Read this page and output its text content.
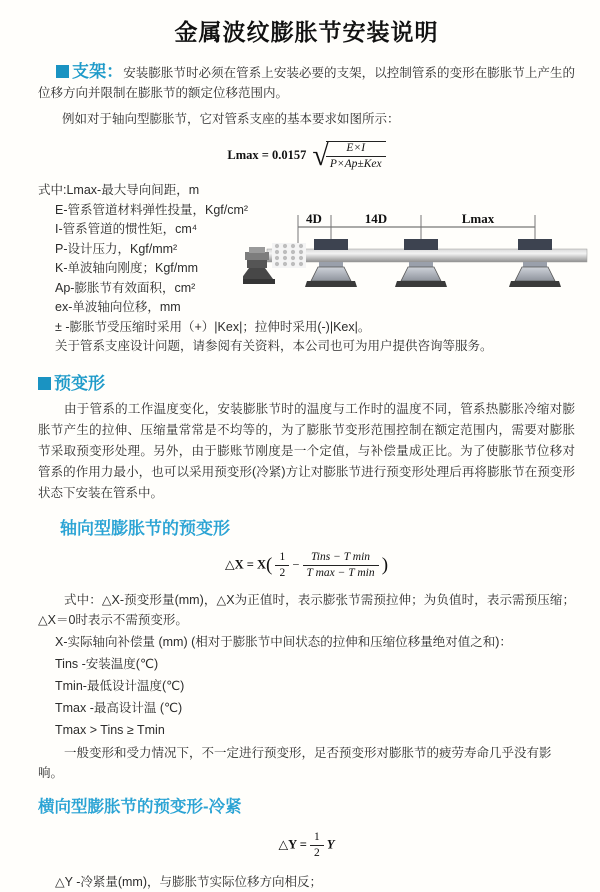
金属波纹膨胀节安装说明

支架：安装膨胀节时必须在管系上安装必要的支架，以控制管系的变形在膨胀节上产生的位移方向并限制在膨胀节的额定位移范围内。

例如对于轴向型膨胀节，它对管系支座的基本要求如图所示：

Lmax = 0.0157 √
$\frac{E\times I}{\text{P×Ap±Kex}}$
式中:Lmax-最大导向间距，m
E-管系管道材料弹性投量，Kgf/cm²
I-管系管道的惯性矩，cm⁴
P-设计压力，Kgf/mm²
K-单波轴向刚度；Kgf/mm
Ap-膨胀节有效面积，cm²
ex-单波轴向位移，mm
± -膨胀节受压缩时采用（+）|Kex|；拉伸时采用(-)|Kex|。
关于管系支座设计问题，请参阅有关资料，本公司也可为用户提供咨询等服务。
4D	14D	Lmax
预变形

由于管系的工作温度变化，安装膨胀节时的温度与工作时的温度不同，管系热膨胀冷缩对膨胀节产生的拉伸、压缩量常常是不均等的，为了膨胀节变形范围控制在额定范围内，需要对膨胀节采取预变形处理。另外，由于膨账节刚度是一个定值，与补偿量成正比。为了使膨胀节位移对管系的作用力最小，也可以采用预变形(冷紧)方让对膨胀节进行预变形处理后再将膨胀节在预变形状态下安装在管系中。

轴向型膨胀节的预变形
△X = $X( \frac{1}{2} - \frac{\text{Tins − T min}}{\text{T max − T min}}$ )

式中：△X-预变形量(mm)，△X为正值时，表示膨张节需预拉伸；为负值时，表示需预压缩；△X＝0时表示不需预变形。

X-实际轴向补偿量 (mm) (相对于膨胀节中间状态的拉伸和压缩位移量绝对值之和)：
Tins -安装温度(℃)
Tmin-最低设计温度(℃)
Tmax -最高设计温 (℃)
Tmax > Tins ≥ Tmin

一般变形和受力情况下，不一定进行预变形，足否预变形对膨胀节的疲劳寿命几乎没有影响。

横向型膨胀节的预变形-冷紧
△Y = $\frac{1}{2}$ Y
△Y -冷紧量(mm)，与膨胀节实际位移方向相反；
